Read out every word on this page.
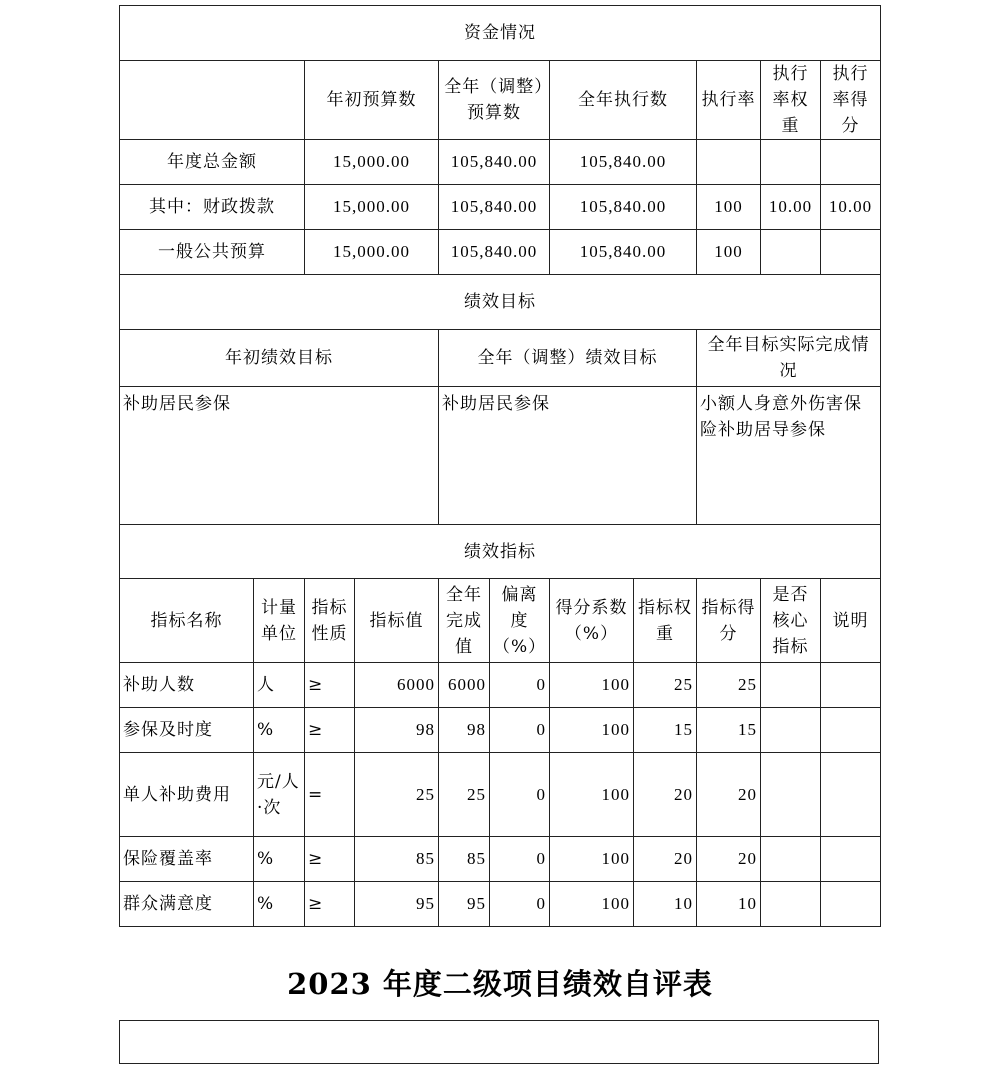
资金情况										
		年初预算数		全年（调整）预算数		全年执行数		执行率	执行率权重	执行率得分
年度总金额		15,000.00		105,840.00		105,840.00				
其中：财政拨款		15,000.00		105,840.00		105,840.00		100	10.00	10.00
一般公共预算		15,000.00		105,840.00		105,840.00		100		
绩效目标										
年初绩效目标				全年（调整）绩效目标				全年目标实际完成情况		
补助居民参保				补助居民参保				小额人身意外伤害保险补助居导参保		
绩效指标										
指标名称	计量单位	指标性质	指标值	全年完成值	偏离度（%）	得分系数（%）	指标权重	指标得分	是否核心指标	说明
补助人数	人	≥	6000	6000	0	100	25	25		
参保及时度	%	≥	98	98	0	100	15	15		
单人补助费用	元/人·次	=	25	25	0	100	20	20		
保险覆盖率	%	≥	85	85	0	100	20	20		
群众满意度	%	≥	95	95	0	100	10	10		
2023 年度二级项目绩效自评表
